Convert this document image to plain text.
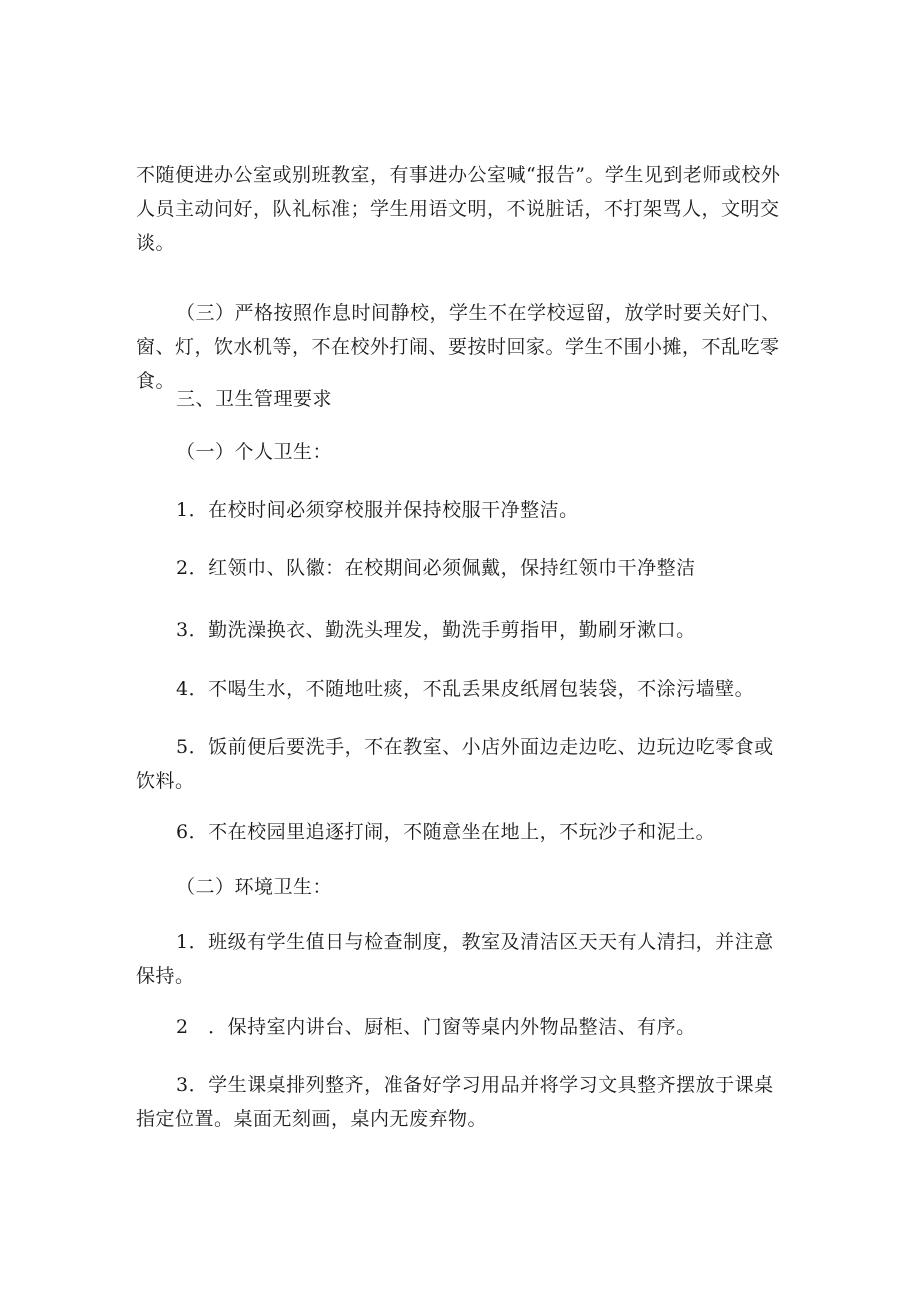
不随便进办公室或别班教室，有事进办公室喊“报告”。学生见到老师或校外人员主动问好，队礼标准；学生用语文明，不说脏话，不打架骂人，文明交谈。

（三）严格按照作息时间静校，学生不在学校逗留，放学时要关好门、窗、灯，饮水机等，不在校外打闹、要按时回家。学生不围小摊，不乱吃零食。

三、卫生管理要求

（一）个人卫生：

1．在校时间必须穿校服并保持校服干净整洁。

2．红领巾、队徽：在校期间必须佩戴，保持红领巾干净整洁

3．勤洗澡换衣、勤洗头理发，勤洗手剪指甲，勤刷牙漱口。

4．不喝生水，不随地吐痰，不乱丢果皮纸屑包装袋，不涂污墙壁。

5．饭前便后要洗手，不在教室、小店外面边走边吃、边玩边吃零食或饮料。

6．不在校园里追逐打闹，不随意坐在地上，不玩沙子和泥土。

（二）环境卫生：

1．班级有学生值日与检查制度，教室及清洁区天天有人清扫，并注意保持。

2　．保持室内讲台、厨柜、门窗等桌内外物品整洁、有序。

3．学生课桌排列整齐，准备好学习用品并将学习文具整齐摆放于课桌指定位置。桌面无刻画，桌内无废弃物。
